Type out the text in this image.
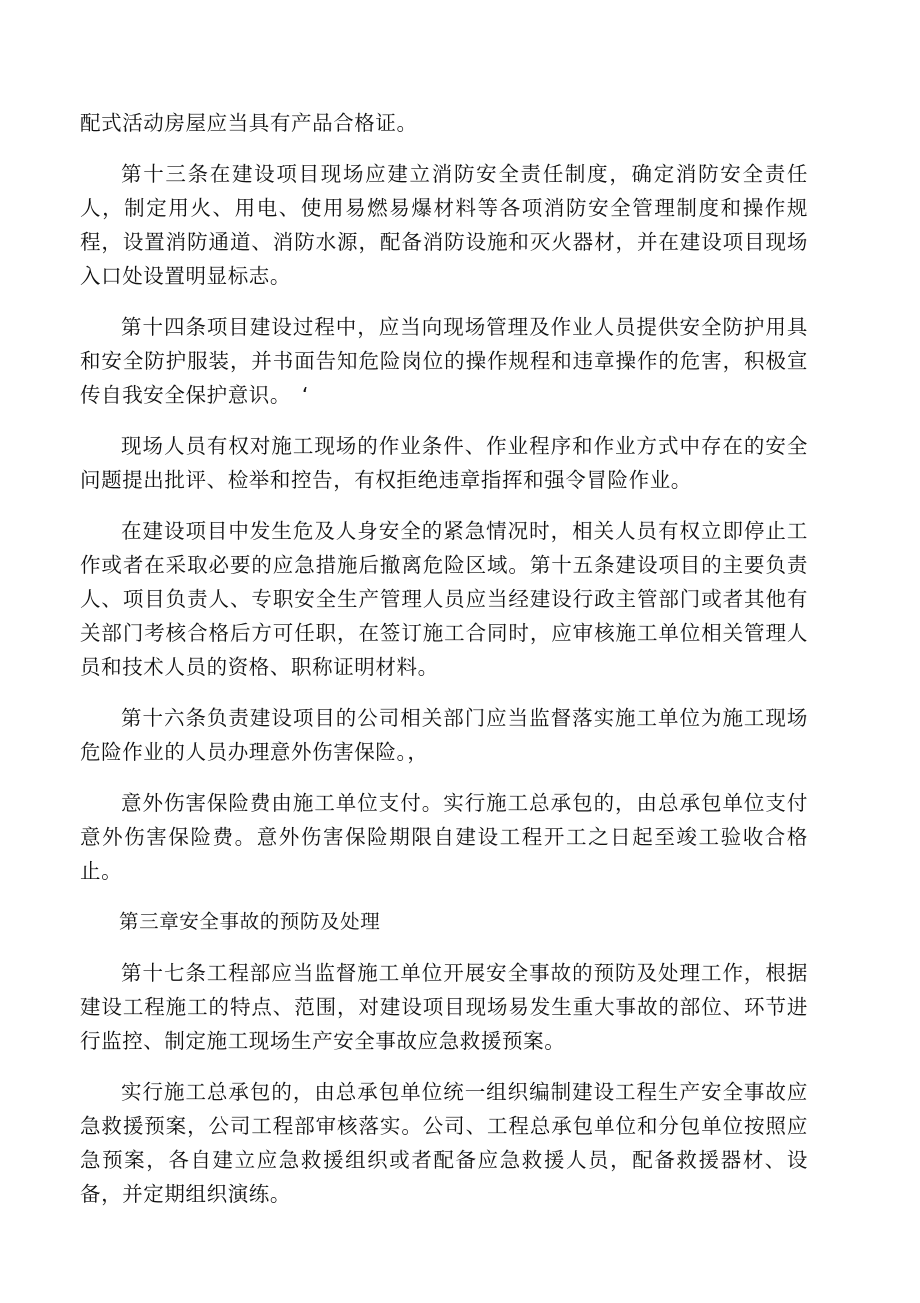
配式活动房屋应当具有产品合格证。

第十三条在建设项目现场应建立消防安全责任制度，确定消防安全责任人，制定用火、用电、使用易燃易爆材料等各项消防安全管理制度和操作规程，设置消防通道、消防水源，配备消防设施和灭火器材，并在建设项目现场入口处设置明显标志。

第十四条项目建设过程中，应当向现场管理及作业人员提供安全防护用具和安全防护服装，并书面告知危险岗位的操作规程和违章操作的危害，积极宣传自我安全保护意识。　‘

现场人员有权对施工现场的作业条件、作业程序和作业方式中存在的安全问题提出批评、检举和控告，有权拒绝违章指挥和强令冒险作业。

在建设项目中发生危及人身安全的紧急情况时，相关人员有权立即停止工作或者在采取必要的应急措施后撤离危险区域。第十五条建设项目的主要负责人、项目负责人、专职安全生产管理人员应当经建设行政主管部门或者其他有关部门考核合格后方可任职，在签订施工合同时，应审核施工单位相关管理人员和技术人员的资格、职称证明材料。

第十六条负责建设项目的公司相关部门应当监督落实施工单位为施工现场危险作业的人员办理意外伤害保险。，

意外伤害保险费由施工单位支付。实行施工总承包的，由总承包单位支付意外伤害保险费。意外伤害保险期限自建设工程开工之日起至竣工验收合格止。

第三章安全事故的预防及处理

第十七条工程部应当监督施工单位开展安全事故的预防及处理工作，根据建设工程施工的特点、范围，对建设项目现场易发生重大事故的部位、环节进行监控、制定施工现场生产安全事故应急救援预案。

实行施工总承包的，由总承包单位统一组织编制建设工程生产安全事故应急救援预案，公司工程部审核落实。公司、工程总承包单位和分包单位按照应急预案，各自建立应急救援组织或者配备应急救援人员，配备救援器材、设备，并定期组织演练。
